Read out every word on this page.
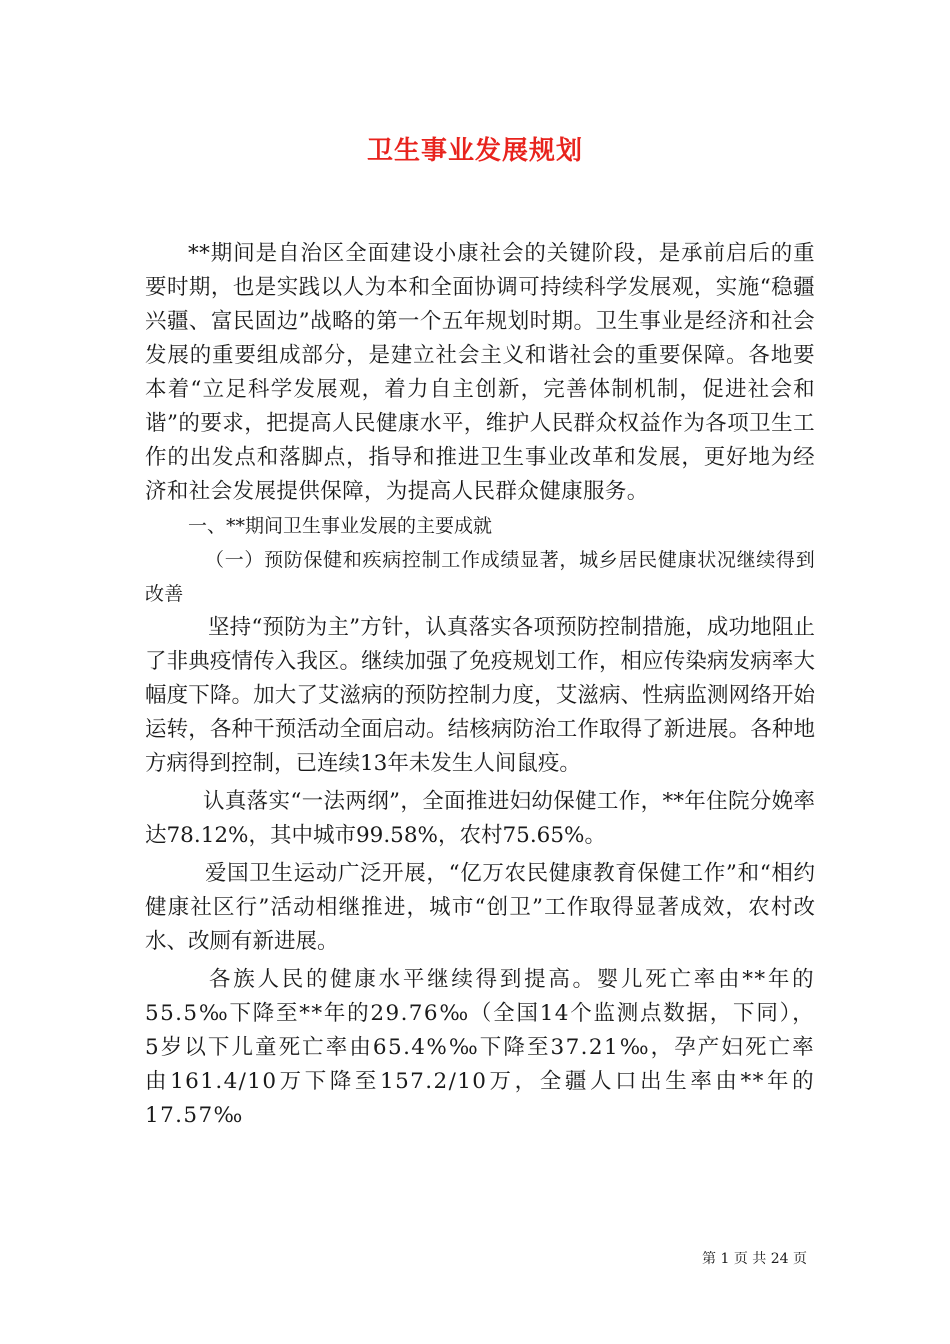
卫生事业发展规划

**期间是自治区全面建设小康社会的关键阶段，是承前启后的重要时期，也是实践以人为本和全面协调可持续科学发展观，实施“稳疆兴疆、富民固边”战略的第一个五年规划时期。卫生事业是经济和社会发展的重要组成部分，是建立社会主义和谐社会的重要保障。各地要本着“立足科学发展观，着力自主创新，完善体制机制，促进社会和谐”的要求，把提高人民健康水平，维护人民群众权益作为各项卫生工作的出发点和落脚点，指导和推进卫生事业改革和发展，更好地为经济和社会发展提供保障，为提高人民群众健康服务。

一、**期间卫生事业发展的主要成就

（一）预防保健和疾病控制工作成绩显著，城乡居民健康状况继续得到改善

坚持“预防为主”方针，认真落实各项预防控制措施，成功地阻止了非典疫情传入我区。继续加强了免疫规划工作，相应传染病发病率大幅度下降。加大了艾滋病的预防控制力度，艾滋病、性病监测网络开始运转，各种干预活动全面启动。结核病防治工作取得了新进展。各种地方病得到控制，已连续13年未发生人间鼠疫。

认真落实“一法两纲”，全面推进妇幼保健工作，**年住院分娩率达78.12%，其中城市99.58%，农村75.65%。

爱国卫生运动广泛开展，“亿万农民健康教育保健工作”和“相约健康社区行”活动相继推进，城市“创卫”工作取得显著成效，农村改水、改厕有新进展。

各族人民的健康水平继续得到提高。婴儿死亡率由**年的55.5‰下降至**年的29.76‰（全国14个监测点数据，下同），5岁以下儿童死亡率由65.4%‰下降至37.21‰，孕产妇死亡率由161.4/10万下降至157.2/10万，全疆人口出生率由**年的17.57‰

第 1 页 共 24 页
